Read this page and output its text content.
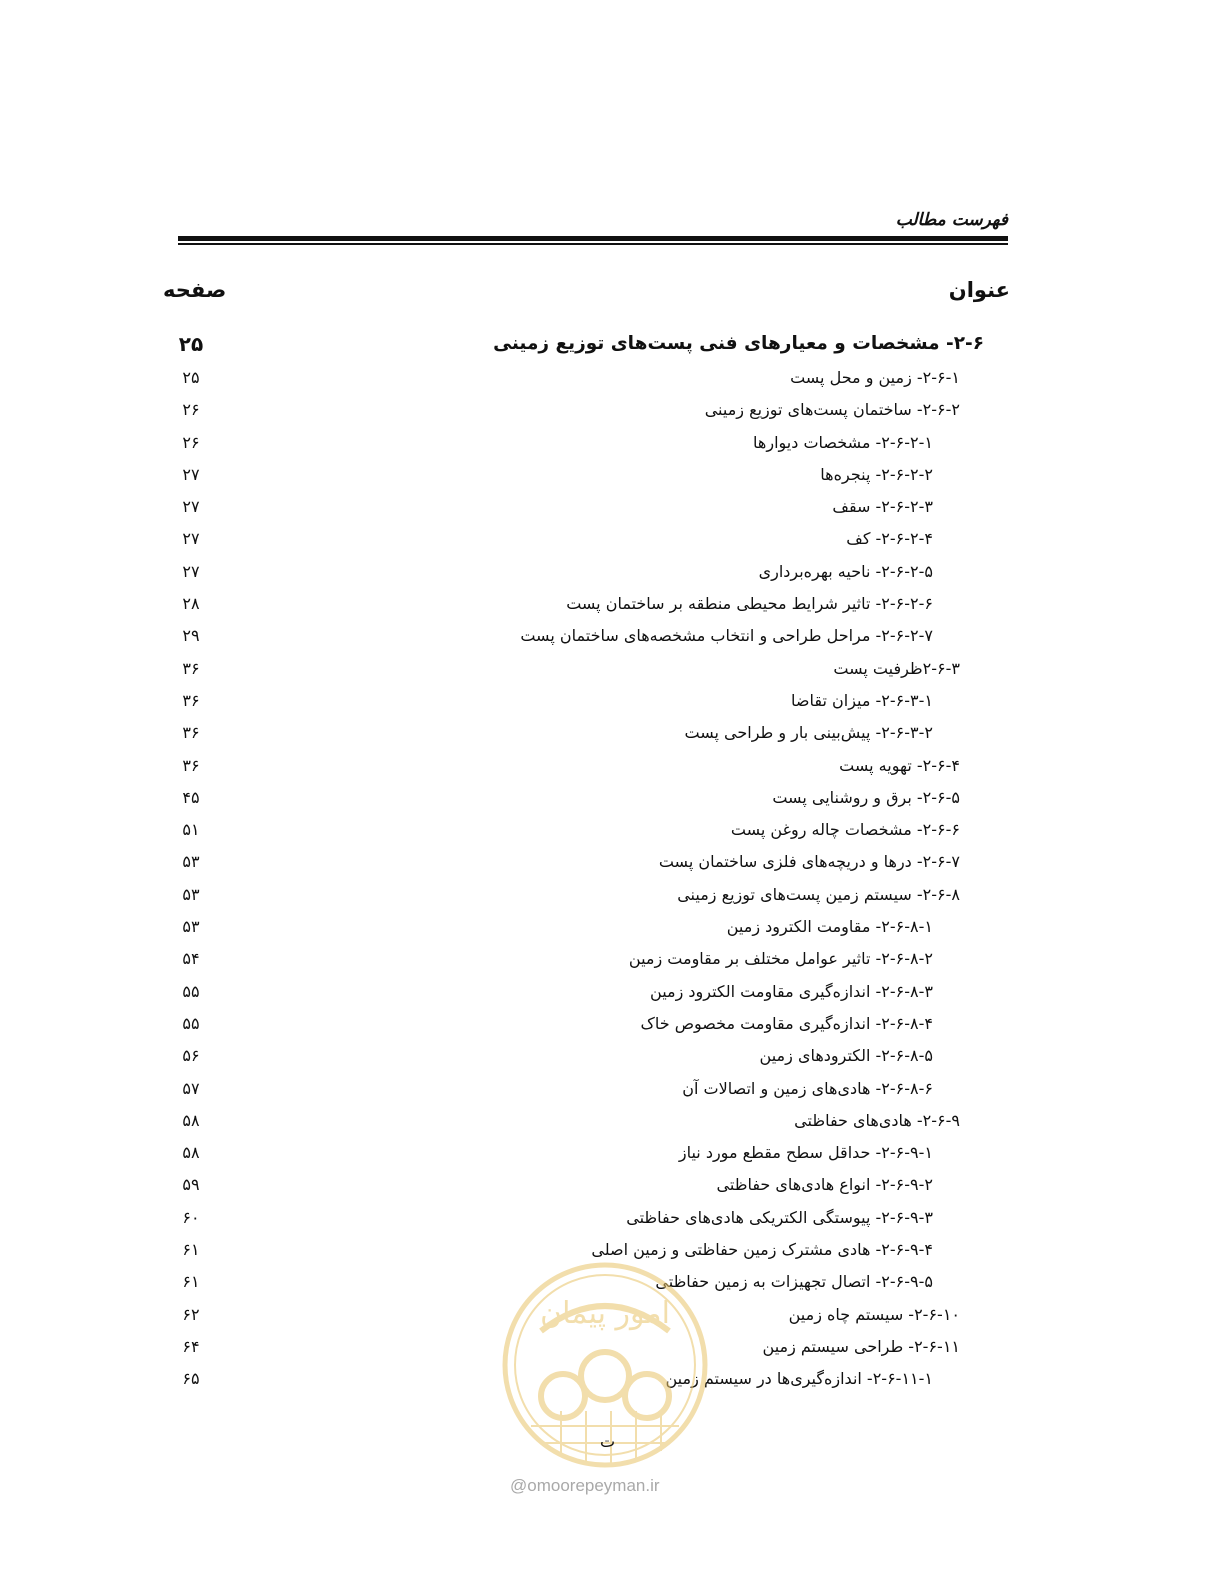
فهرست مطالب
عنوان
صفحه
۲-۶- مشخصات و معیارهای فنی پست‌های توزیع زمینی
۲۵
۲-۶-۱- زمین و محل پست
۲۵
۲-۶-۲- ساختمان پست‌های توزیع زمینی
۲۶
۲-۶-۲-۱- مشخصات دیوارها
۲۶
۲-۶-۲-۲- پنجره‌ها
۲۷
۲-۶-۲-۳- سقف
۲۷
۲-۶-۲-۴- کف
۲۷
۲-۶-۲-۵- ناحیه بهره‌برداری
۲۷
۲-۶-۲-۶- تاثیر شرایط محیطی منطقه بر ساختمان پست
۲۸
۲-۶-۲-۷- مراحل طراحی و انتخاب مشخصه‌های ساختمان پست
۲۹
۲-۶-۳ظرفیت پست
۳۶
۲-۶-۳-۱- میزان تقاضا
۳۶
۲-۶-۳-۲- پیش‌بینی بار و طراحی پست
۳۶
۲-۶-۴- تهویه پست
۳۶
۲-۶-۵- برق و روشنایی پست
۴۵
۲-۶-۶- مشخصات چاله روغن پست
۵۱
۲-۶-۷- درها و دریچه‌های فلزی ساختمان پست
۵۳
۲-۶-۸- سیستم زمین پست‌های توزیع زمینی
۵۳
۲-۶-۸-۱- مقاومت الکترود زمین
۵۳
۲-۶-۸-۲- تاثیر عوامل مختلف بر مقاومت زمین
۵۴
۲-۶-۸-۳- اندازه‌گیری مقاومت الکترود زمین
۵۵
۲-۶-۸-۴- اندازه‌گیری مقاومت مخصوص خاک
۵۵
۲-۶-۸-۵- الکترودهای زمین
۵۶
۲-۶-۸-۶- هادی‌های زمین و اتصالات آن
۵۷
۲-۶-۹- هادی‌های حفاظتی
۵۸
۲-۶-۹-۱- حداقل سطح مقطع مورد نیاز
۵۸
۲-۶-۹-۲- انواع هادی‌های حفاظتی
۵۹
۲-۶-۹-۳- پیوستگی الکتریکی هادی‌های حفاظتی
۶۰
۲-۶-۹-۴- هادی مشترک زمین حفاظتی و زمین اصلی
۶۱
۲-۶-۹-۵- اتصال تجهیزات به زمین حفاظتی
۶۱
۲-۶-۱۰- سیستم چاه زمین
۶۲
۲-۶-۱۱- طراحی سیستم زمین
۶۴
۲-۶-۱۱-۱- اندازه‌گیری‌ها در سیستم زمین
۶۵
امور پیمان
ت
@omoorepeyman.ir
